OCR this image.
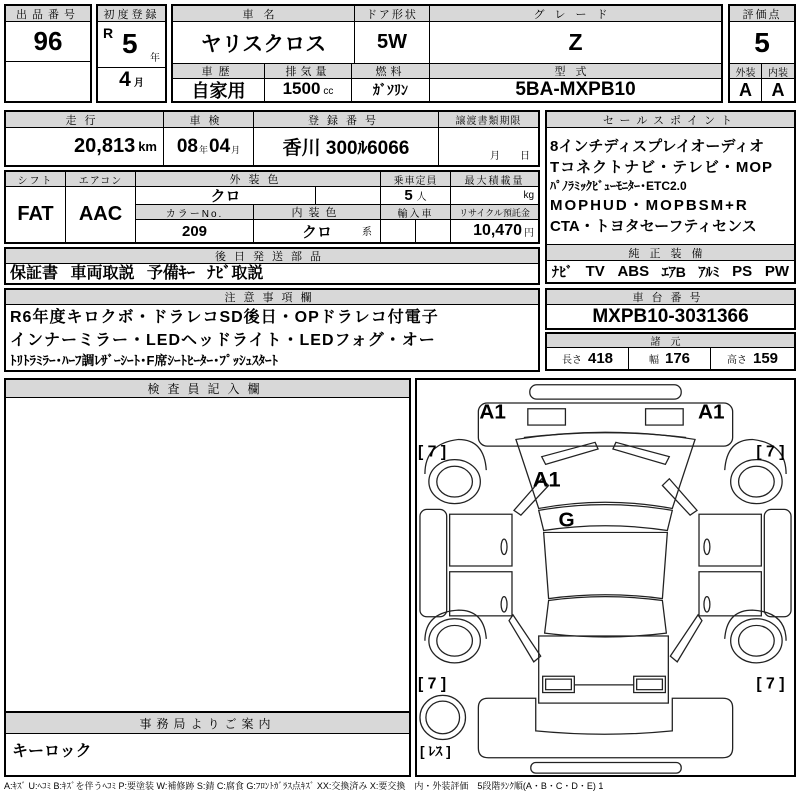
出品番号
96
初度登録
R 5 年
4 月
車名	ドア形状	グレード
ヤリスクロス	5W	Z
車歴	排気量	燃料	型式
自家用	1500 cc	ｶﾞｿﾘﾝ	5BA-MXPB10
評価点
5
外装	内装
A	A
走行	車検	登録番号	譲渡書類期限
20,813 km 08 年 04 月	香川 300ﾙ6066	月　　日
セールスポイント
8インチディスプレイオーディオ
Tコネクトナビ・テレビ・MOP
ﾊﾟﾉﾗﾐｯｸﾋﾞｭｰﾓﾆﾀｰ･ETC2.0
MOPHUD・MOPBSM+R
CTA・トヨタセーフティセンス
純正装備
ﾅﾋﾞ TV ABS ｴｱB ｱﾙﾐ PS PW
シフト
FAT
エアコン
AAC
外装色
クロ
カラーNo.	内装色
209	クロ	系
乗車定員
5 人
輸入車
最大積載量
kg
リサイクル預託金
10,470 円
後日発送部品
保証書 車両取説 予備ｷｰ ﾅﾋﾞ取説
注意事項欄
R6年度キロクボ・ドラレコSD後日・OPドラレコ付電子
インナーミラー・LEDヘッドライト・LEDフォグ・オー
ﾄﾘﾄﾗﾐﾗｰ･ﾊｰﾌ調ﾚｻﾞｰｼｰﾄ･F席ｼｰﾄﾋｰﾀｰ･ﾌﾟｯｼｭｽﾀｰﾄ
車台番号
MXPB10-3031366
諸元
長さ 418	幅 176	高さ 159
検査員記入欄
事務局よりご案内
キーロック
A1	A1
A1
G
[ 7 ]	[ 7 ]
[ 7 ]	[ 7 ]
[ ﾚｽ ]
A:ｷｽﾞ U:ﾍｺﾐ B:ｷｽﾞを伴うﾍｺﾐ P:要塗装 W:補修跡 S:錆 C:腐食 G:ﾌﾛﾝﾄｶﾞﾗｽ点ｷｽﾞ XX:交換済み X:要交換　内・外装評価　5段階ﾗﾝｸ順(A・B・C・D・E) 1
